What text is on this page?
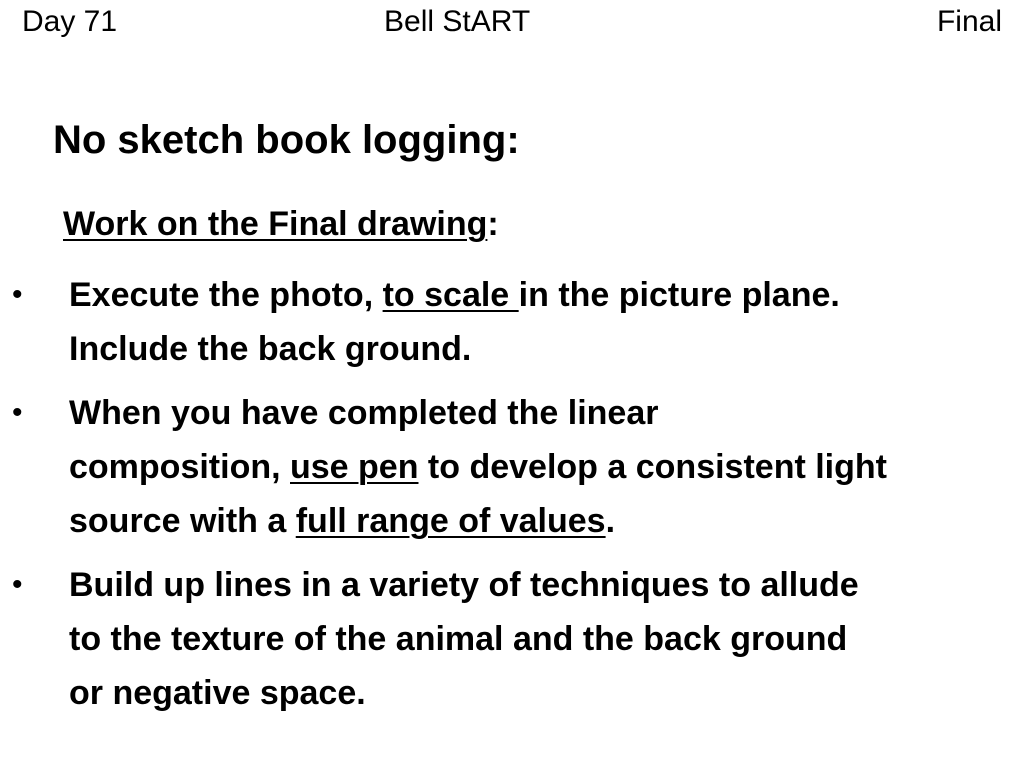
Day 71	Bell StART	Final
No sketch book logging:
Work on the Final drawing:
• Execute the photo, to scale in the picture plane.
Include the back ground.
• When you have completed the linear
composition, use pen to develop a consistent light
source with a full range of values.
• Build up lines in a variety of techniques to allude
to the texture of the animal and the back ground
or negative space.
